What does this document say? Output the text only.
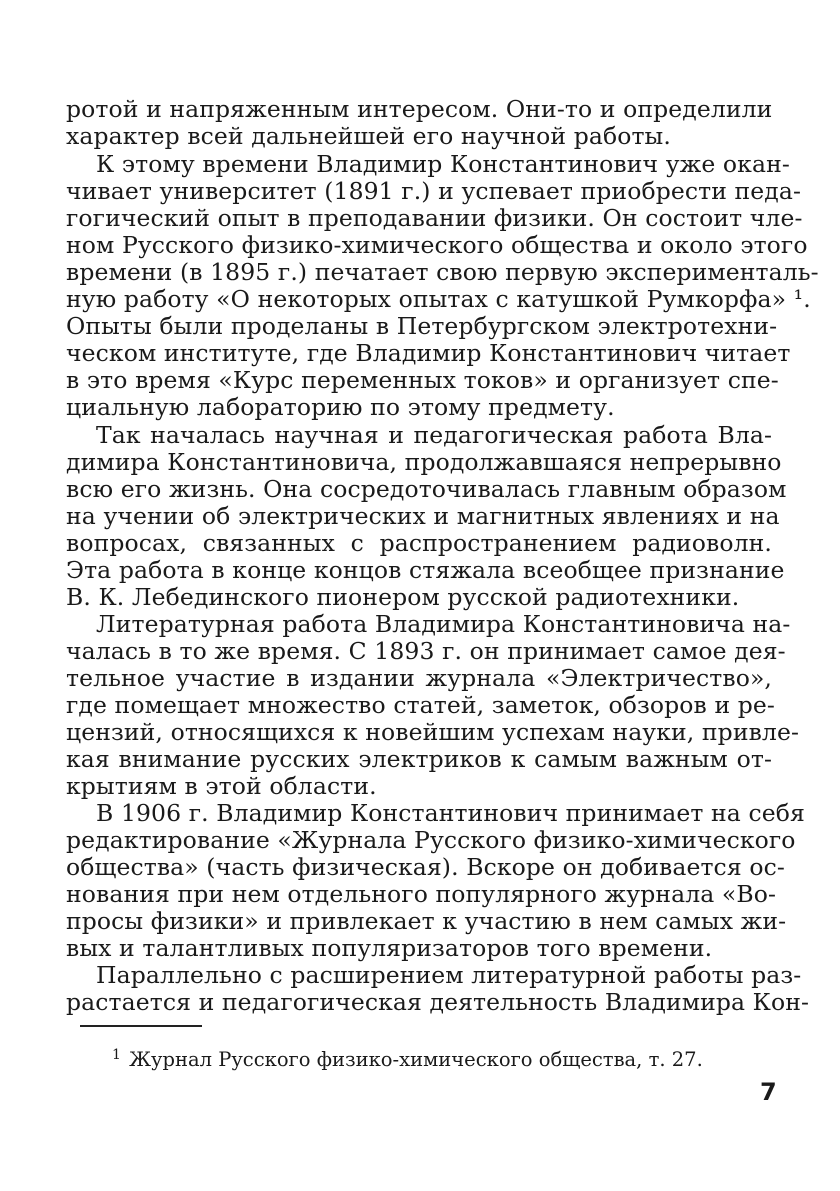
ротой и напряженным интересом. Они-то и определили
характер всей дальнейшей его научной работы.
К этому времени Владимир Константинович уже окан-
чивает университет (1891 г.) и успевает приобрести педа-
гогический опыт в преподавании физики. Он состоит чле-
ном Русского физико-химического общества и около этого
времени (в 1895 г.) печатает свою первую эксперименталь-
ную работу «О некоторых опытах с катушкой Румкорфа» ¹.
Опыты были проделаны в Петербургском электротехни-
ческом институте, где Владимир Константинович читает
в это время «Курс переменных токов» и организует спе-
циальную лабораторию по этому предмету.
Так началась научная и педагогическая работа Вла-
димира Константиновича, продолжавшаяся непрерывно
всю его жизнь. Она сосредоточивалась главным образом
на учении об электрических и магнитных явлениях и на
вопросах, связанных с распространением радиоволн.
Эта работа в конце концов стяжала всеобщее признание
В. К. Лебединского пионером русской радиотехники.
Литературная работа Владимира Константиновича на-
чалась в то же время. С 1893 г. он принимает самое дея-
тельное участие в издании журнала «Электричество»,
где помещает множество статей, заметок, обзоров и ре-
цензий, относящихся к новейшим успехам науки, привле-
кая внимание русских электриков к самым важным от-
крытиям в этой области.
В 1906 г. Владимир Константинович принимает на себя
редактирование «Журнала Русского физико-химического
общества» (часть физическая). Вскоре он добивается ос-
нования при нем отдельного популярного журнала «Во-
просы физики» и привлекает к участию в нем самых жи-
вых и талантливых популяризаторов того времени.
Параллельно с расширением литературной работы раз-
растается и педагогическая деятельность Владимира Кон-
$^1$ Журнал Русского физико-химического общества, т. 27.
7
